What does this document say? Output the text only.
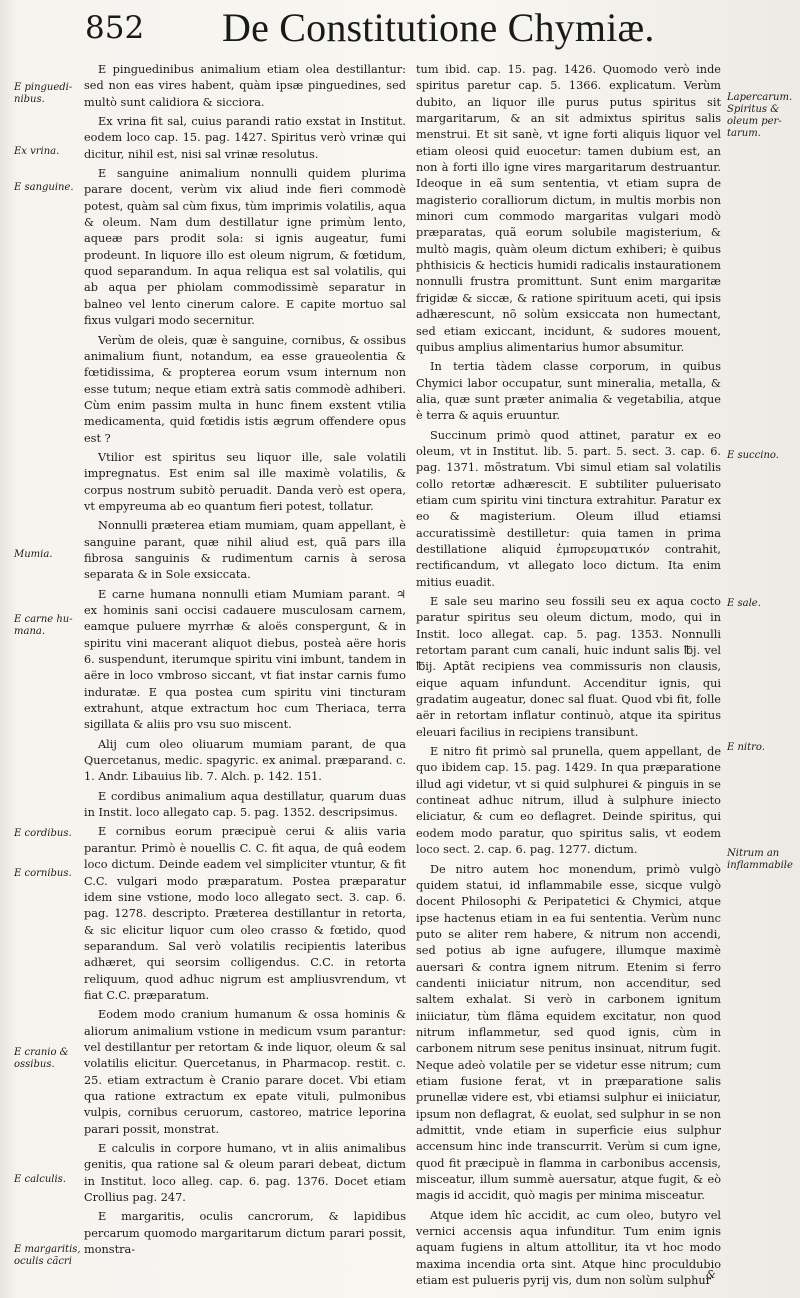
852 De Constitutione Chymiæ.
E pinguedi-nibus.
Ex vrina.
E sanguine.
Mumia.
E carne hu-mana.
E cordibus.
E cornibus.
E cranio & ossibus.
E calculis.
E margaritis, oculis cãcri

E pinguedinibus animalium etiam olea destillantur: sed non eas vires habent, quàm ipsæ pinguedines, sed multò sunt calidiora & sicciora.

Ex vrina fit sal, cuius parandi ratio exstat in Institut. eodem loco cap. 15. pag. 1427. Spiritus verò vrinæ qui dicitur, nihil est, nisi sal vrinæ resolutus.

E sanguine animalium nonnulli quidem plurima parare docent, verùm vix aliud inde fieri commodè potest, quàm sal cùm fixus, tùm imprimis volatilis, aqua & oleum. Nam dum destillatur igne primùm lento, aqueæ pars prodit sola: si ignis augeatur, fumi prodeunt. In liquore illo est oleum nigrum, & fœtidum, quod separandum. In aqua reliqua est sal volatilis, qui ab aqua per phiolam commodissimè separatur in balneo vel lento cinerum calore. E capite mortuo sal fixus vulgari modo secernitur.

Verùm de oleis, quæ è sanguine, cornibus, & ossibus animalium fiunt, notandum, ea esse graueolentia & fœtidissima, & propterea eorum vsum internum non esse tutum; neque etiam extrà satis commodè adhiberi. Cùm enim passim multa in hunc finem exstent vtilia medicamenta, quid fœtidis istis ægrum offendere opus est ?

Vtilior est spiritus seu liquor ille, sale volatili impregnatus. Est enim sal ille maximè volatilis, & corpus nostrum subitò peruadit. Danda verò est opera, vt empyreuma ab eo quantum fieri potest, tollatur.

Nonnulli præterea etiam mumiam, quam appellant, è sanguine parant, quæ nihil aliud est, quã pars illa fibrosa sanguinis & rudimentum carnis à serosa separata & in Sole exsiccata.

E carne humana nonnulli etiam Mumiam parant. ♃ ex hominis sani occisi cadauere musculosam carnem, eamque puluere myrrhæ & aloës conspergunt, & in spiritu vini macerant aliquot diebus, posteà aëre horis 6. suspendunt, iterumque spiritu vini imbunt, tandem in aëre in loco vmbroso siccant, vt fiat instar carnis fumo induratæ. E qua postea cum spiritu vini tincturam extrahunt, atque extractum hoc cum Theriaca, terra sigillata & aliis pro vsu suo miscent.

Alij cum oleo oliuarum mumiam parant, de qua Quercetanus, medic. spagyric. ex animal. præparand. c. 1. Andr. Libauius lib. 7. Alch. p. 142. 151.

E cordibus animalium aqua destillatur, quarum duas in Instit. loco allegato cap. 5. pag. 1352. descripsimus.

E cornibus eorum præcipuè cerui & aliis varia parantur. Primò è nouellis C. C. fit aqua, de quâ eodem loco dictum. Deinde eadem vel simpliciter vtuntur, & fit C.C. vulgari modo præparatum. Postea præparatur idem sine vstione, modo loco allegato sect. 3. cap. 6. pag. 1278. descripto. Præterea destillantur in retorta, & sic elicitur liquor cum oleo crasso & fœtido, quod separandum. Sal verò volatilis recipientis lateribus adhæret, qui seorsim colligendus. C.C. in retorta reliquum, quod adhuc nigrum est ampliusvrendum, vt fiat C.C. præparatum.

Eodem modo cranium humanum & ossa hominis & aliorum animalium vstione in medicum vsum parantur: vel destillantur per retortam & inde liquor, oleum & sal volatilis elicitur. Quercetanus, in Pharmacop. restit. c. 25. etiam extractum è Cranio parare docet. Vbi etiam qua ratione extractum ex epate vituli, pulmonibus vulpis, cornibus ceruorum, castoreo, matrice leporina parari possit, monstrat.

E calculis in corpore humano, vt in aliis animalibus genitis, qua ratione sal & oleum parari debeat, dictum in Institut. loco alleg. cap. 6. pag. 1376. Docet etiam Crollius pag. 247.

E margaritis, oculis cancrorum, & lapidibus percarum quomodo margaritarum dictum parari possit, monstra-

tum ibid. cap. 15. pag. 1426. Quomodo verò inde spiritus paretur cap. 5. 1366. explicatum. Verùm dubito, an liquor ille purus putus spiritus sit margaritarum, & an sit admixtus spiritus salis menstrui. Et sit sanè, vt igne forti aliquis liquor vel etiam oleosi quid euocetur: tamen dubium est, an non à forti illo igne vires margaritarum destruantur. Ideoque in eã sum sententia, vt etiam supra de magisterio coralliorum dictum, in multis morbis non minori cum commodo margaritas vulgari modò præparatas, quã eorum solubile magisterium, & multò magis, quàm oleum dictum exhiberi; è quibus phthisicis & hecticis humidi radicalis instaurationem nonnulli frustra promittunt. Sunt enim margaritæ frigidæ & siccæ, & ratione spirituum aceti, qui ipsis adhærescunt, nõ solùm exsiccata non humectant, sed etiam exiccant, incidunt, & sudores mouent, quibus amplius alimentarius humor absumitur.

In tertia tàdem classe corporum, in quibus Chymici labor occupatur, sunt mineralia, metalla, & alia, quæ sunt præter animalia & vegetabilia, atque è terra & aquis eruuntur.

Succinum primò quod attinet, paratur ex eo oleum, vt in Institut. lib. 5. part. 5. sect. 3. cap. 6. pag. 1371. mõstratum. Vbi simul etiam sal volatilis collo retortæ adhærescit. E subtiliter puluerisato etiam cum spiritu vini tinctura extrahitur. Paratur ex eo & magisterium. Oleum illud etiamsi accuratissimè destilletur: quia tamen in prima destillatione aliquid ἐμπυρευματικόν contrahit, rectificandum, vt allegato loco dictum. Ita enim mitius euadit.

E sale seu marino seu fossili seu ex aqua cocto paratur spiritus seu oleum dictum, modo, qui in Instit. loco allegat. cap. 5. pag. 1353. Nonnulli retortam parant cum canali, huic indunt salis ℔j. vel ℔ij. Aptãt recipiens vea commissuris non clausis, eique aquam infundunt. Accenditur ignis, qui gradatim augeatur, donec sal fluat. Quod vbi fit, folle aër in retortam inflatur continuò, atque ita spiritus eleuari facilius in recipiens transibunt.

E nitro fit primò sal prunella, quem appellant, de quo ibidem cap. 15. pag. 1429. In qua præparatione illud agi videtur, vt si quid sulphurei & pinguis in se contineat adhuc nitrum, illud à sulphure iniecto eliciatur, & cum eo deflagret. Deinde spiritus, qui eodem modo paratur, quo spiritus salis, vt eodem loco sect. 2. cap. 6. pag. 1277. dictum.

De nitro autem hoc monendum, primò vulgò quidem statui, id inflammabile esse, sicque vulgò docent Philosophi & Peripatetici & Chymici, atque ipse hactenus etiam in ea fui sententia. Verùm nunc puto se aliter rem habere, & nitrum non accendi, sed potius ab igne aufugere, illumque maximè auersari & contra ignem nitrum. Etenim si ferro candenti iniiciatur nitrum, non accenditur, sed saltem exhalat. Si verò in carbonem ignitum iniiciatur, tùm flãma equidem excitatur, non quod nitrum inflammetur, sed quod ignis, cùm in carbonem nitrum sese penitus insinuat, nitrum fugit. Neque adeò volatile per se videtur esse nitrum; cum etiam fusione ferat, vt in præparatione salis prunellæ videre est, vbi etiamsi sulphur ei iniiciatur, ipsum non deflagrat, & euolat, sed sulphur in se non admittit, vnde etiam in superficie eius sulphur accensum hinc inde transcurrit. Verùm si cum igne, quod fit præcipuè in flamma in carbonibus accensis, misceatur, illum summè auersatur, atque fugit, & eò magis id accidit, quò magis per minima misceatur.

Atque idem hîc accidit, ac cum oleo, butyro vel vernici accensis aqua infunditur. Tum enim ignis aquam fugiens in altum attollitur, ita vt hoc modo maxima incendia orta sint. Atque hinc proculdubio etiam est pulueris pyrij vis, dum non solùm sulphur

Lapercarum. Spiritus & oleum per-tarum.
E succino.
E sale.
E nitro.
Nitrum an inflammabile
&
